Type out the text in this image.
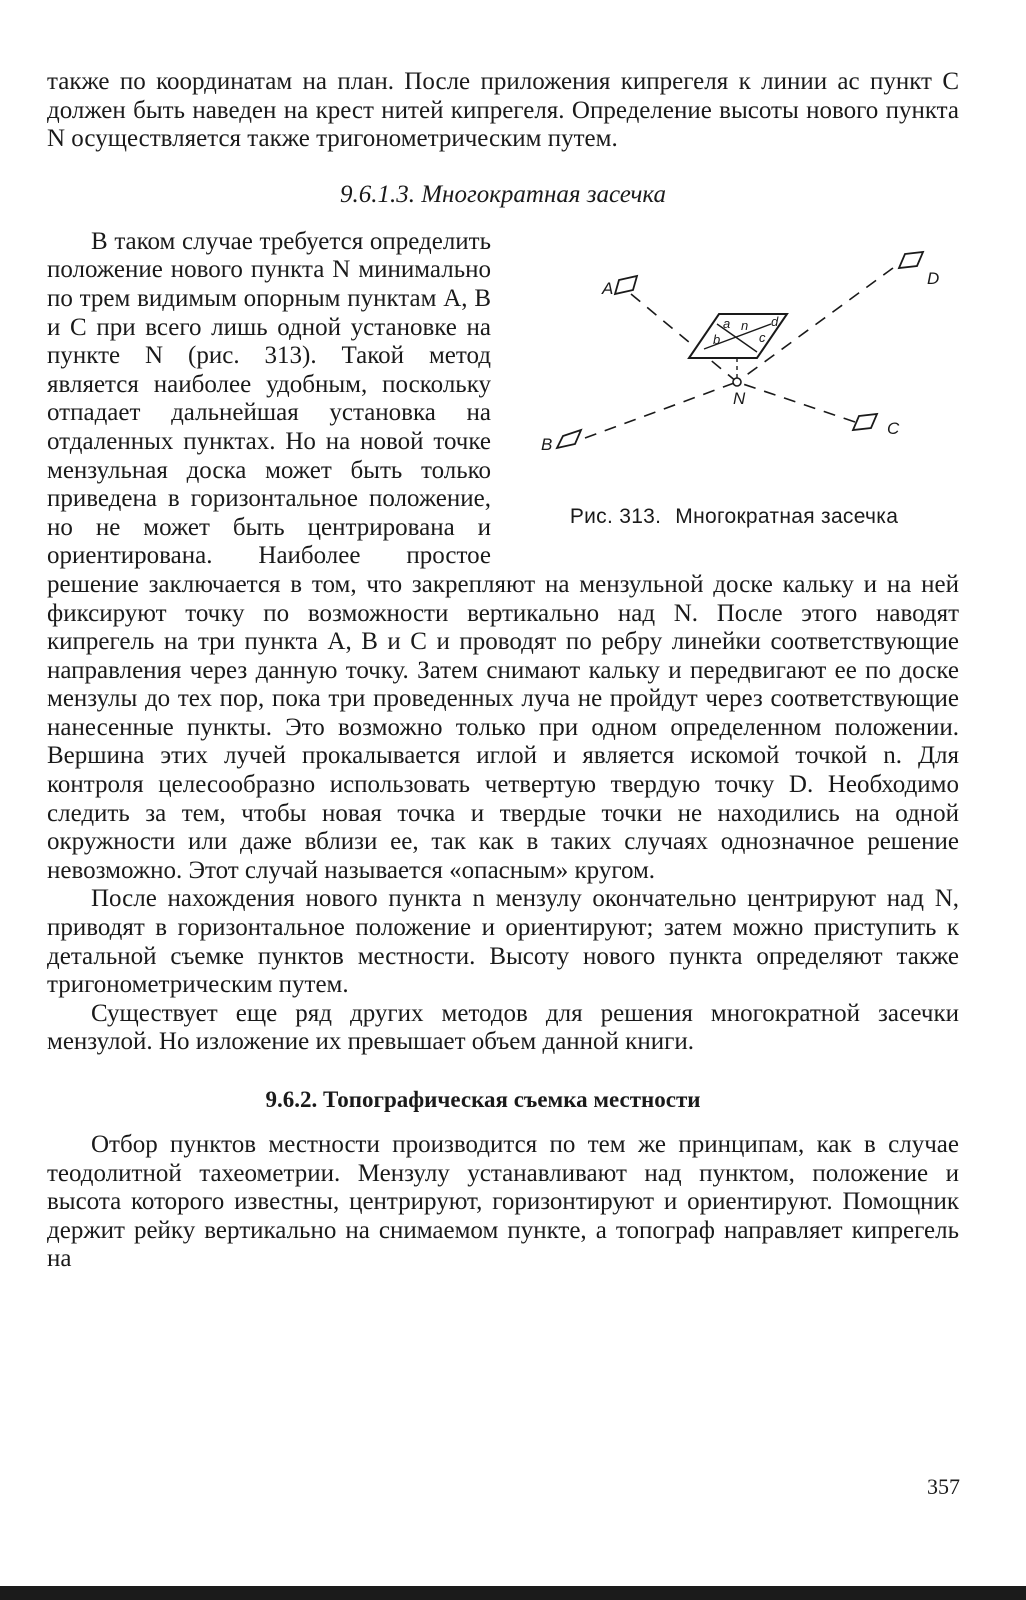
также по координатам на план. После приложения кипрегеля к линии ac пункт C должен быть наведен на крест нитей кипрегеля. Определение высоты нового пункта N осуществляется также тригонометрическим путем.

9.6.1.3. Многократная засечка
A
D
B
C
N
a
b	c
d
n
Рис. 313. Многократная засечка

В таком случае требуется определить положение нового пункта N минимально по трем видимым опорным пунктам A, B и C при всего лишь одной установке на пункте N (рис. 313). Такой метод является наиболее удобным, поскольку отпадает дальнейшая установка на отдаленных пунктах. Но на новой точке мензульная доска может быть только приведена в горизонтальное положение, но не может быть центрирована и ориентирована. Наиболее простое решение заключается в том, что закрепляют на мензульной доске кальку и на ней фиксируют точку по возможности вертикально над N. После этого наводят кипрегель на три пункта A, B и C и проводят по ребру линейки соответствующие направления через данную точку. Затем снимают кальку и передвигают ее по доске мензулы до тех пор, пока три проведенных луча не пройдут через соответствующие нанесенные пункты. Это возможно только при одном определенном положении. Вершина этих лучей прокалывается иглой и является искомой точкой n. Для контроля целесообразно использовать четвертую твердую точку D. Необходимо следить за тем, чтобы новая точка и твердые точки не находились на одной окружности или даже вблизи ее, так как в таких случаях однозначное решение невозможно. Этот случай называется «опасным» кругом.

После нахождения нового пункта n мензулу окончательно центрируют над N, приводят в горизонтальное положение и ориентируют; затем можно приступить к детальной съемке пунктов местности. Высоту нового пункта определяют также тригонометрическим путем.

Существует еще ряд других методов для решения многократной засечки мензулой. Но изложение их превышает объем данной книги.

9.6.2. Топографическая съемка местности

Отбор пунктов местности производится по тем же принципам, как в случае теодолитной тахеометрии. Мензулу устанавливают над пунктом, положение и высота которого известны, центрируют, горизонтируют и ориентируют. Помощник держит рейку вертикально на снимаемом пункте, а топограф направляет кипрегель на

357
